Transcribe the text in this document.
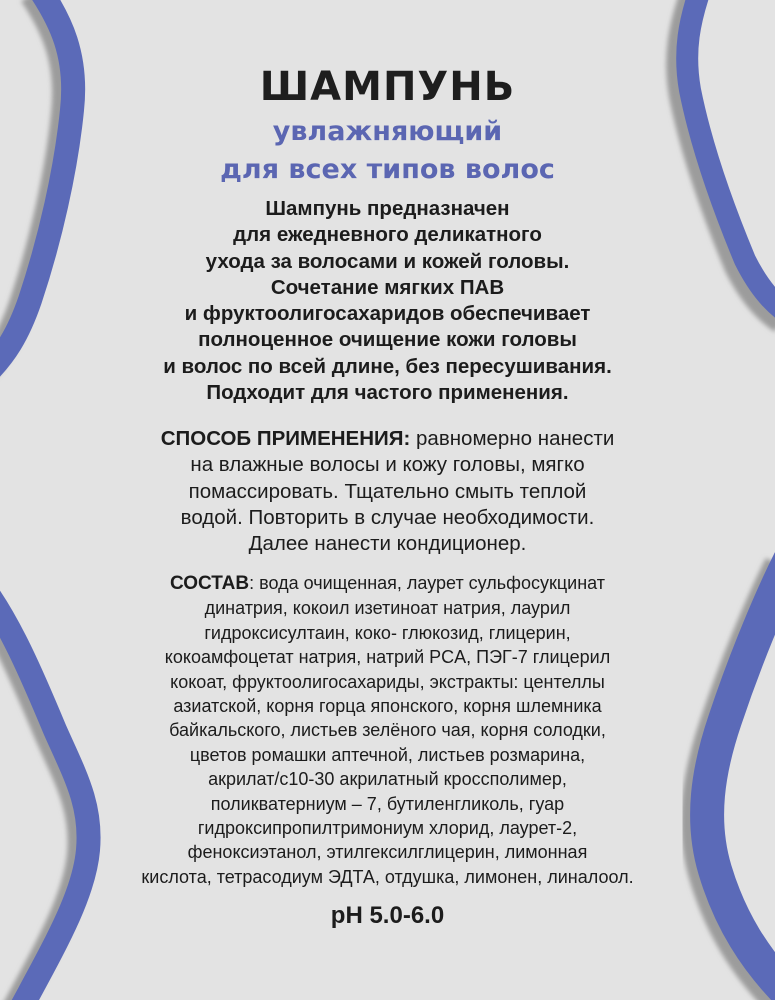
ШАМПУНЬ
увлажняющий
для всех типов волос
Шампунь предназначен
для ежедневного деликатного
ухода за волосами и кожей головы.
Сочетание мягких ПАВ
и фруктоолигосахаридов обеспечивает
полноценное очищение кожи головы
и волос по всей длине, без пересушивания.
Подходит для частого применения.
СПОСОБ ПРИМЕНЕНИЯ: равномерно нанести
на влажные волосы и кожу головы, мягко
помассировать. Тщательно смыть теплой
водой. Повторить в случае необходимости.
Далее нанести кондиционер.
СОСТАВ: вода очищенная, лаурет сульфосукцинат
динатрия, кокоил изетиноат натрия, лаурил
гидроксисултаин, коко- глюкозид, глицерин,
кокоамфоцетат натрия, натрий PCA, ПЭГ-7 глицерил
кокоат, фруктоолигосахариды, экстракты: центеллы
азиатской, корня горца японского, корня шлемника
байкальского, листьев зелёного чая, корня солодки,
цветов ромашки аптечной, листьев розмарина,
акрилат/с10-30 акрилатный кроссполимер,
поликватерниум – 7, бутиленгликоль, гуар
гидроксипропилтримониум хлорид, лаурет-2,
феноксиэтанол, этилгексилглицерин, лимонная
кислота, тетрасодиум ЭДТА, отдушка, лимонен, линалоол.
pH 5.0-6.0
